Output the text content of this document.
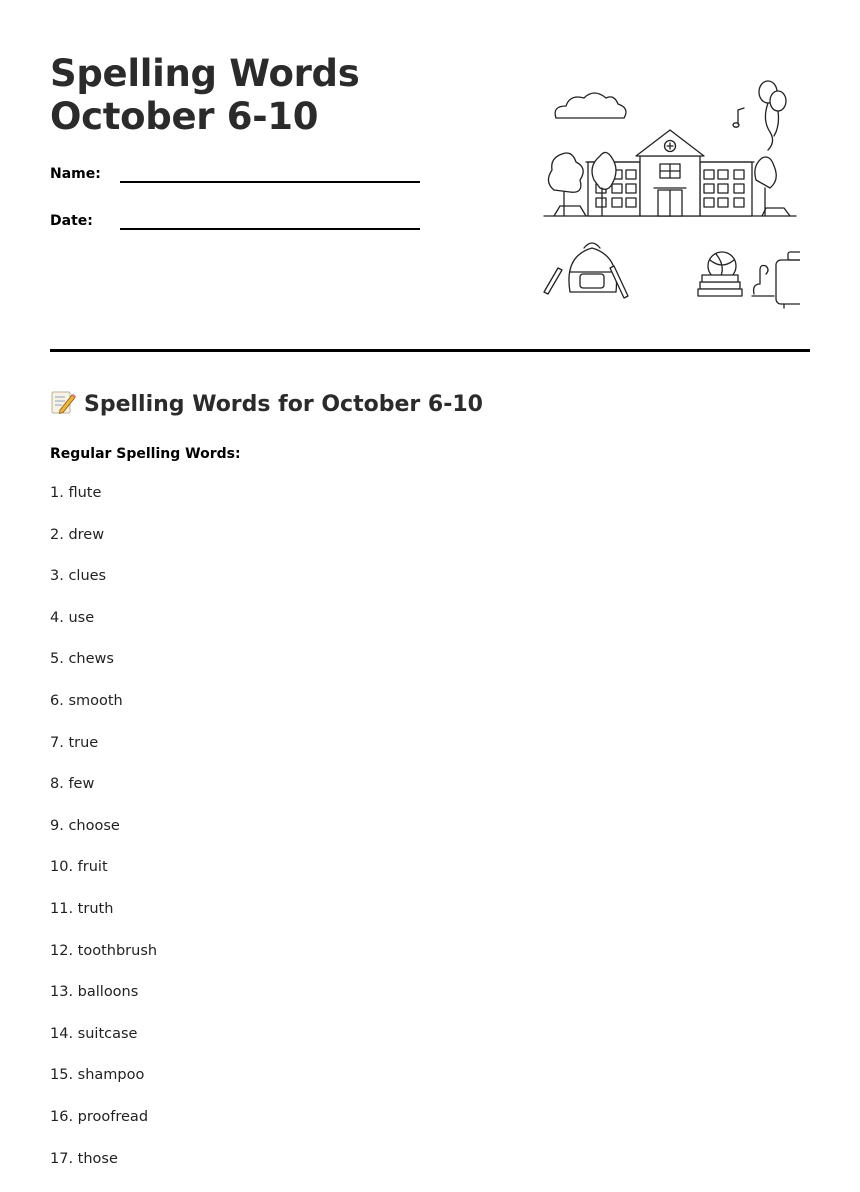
Spelling Words October 6-10
Name:
Date:
Spelling Words for October 6-10
Regular Spelling Words:
1. flute
2. drew
3. clues
4. use
5. chews
6. smooth
7. true
8. few
9. choose
10. fruit
11. truth
12. toothbrush
13. balloons
14. suitcase
15. shampoo
16. proofread
17. those
